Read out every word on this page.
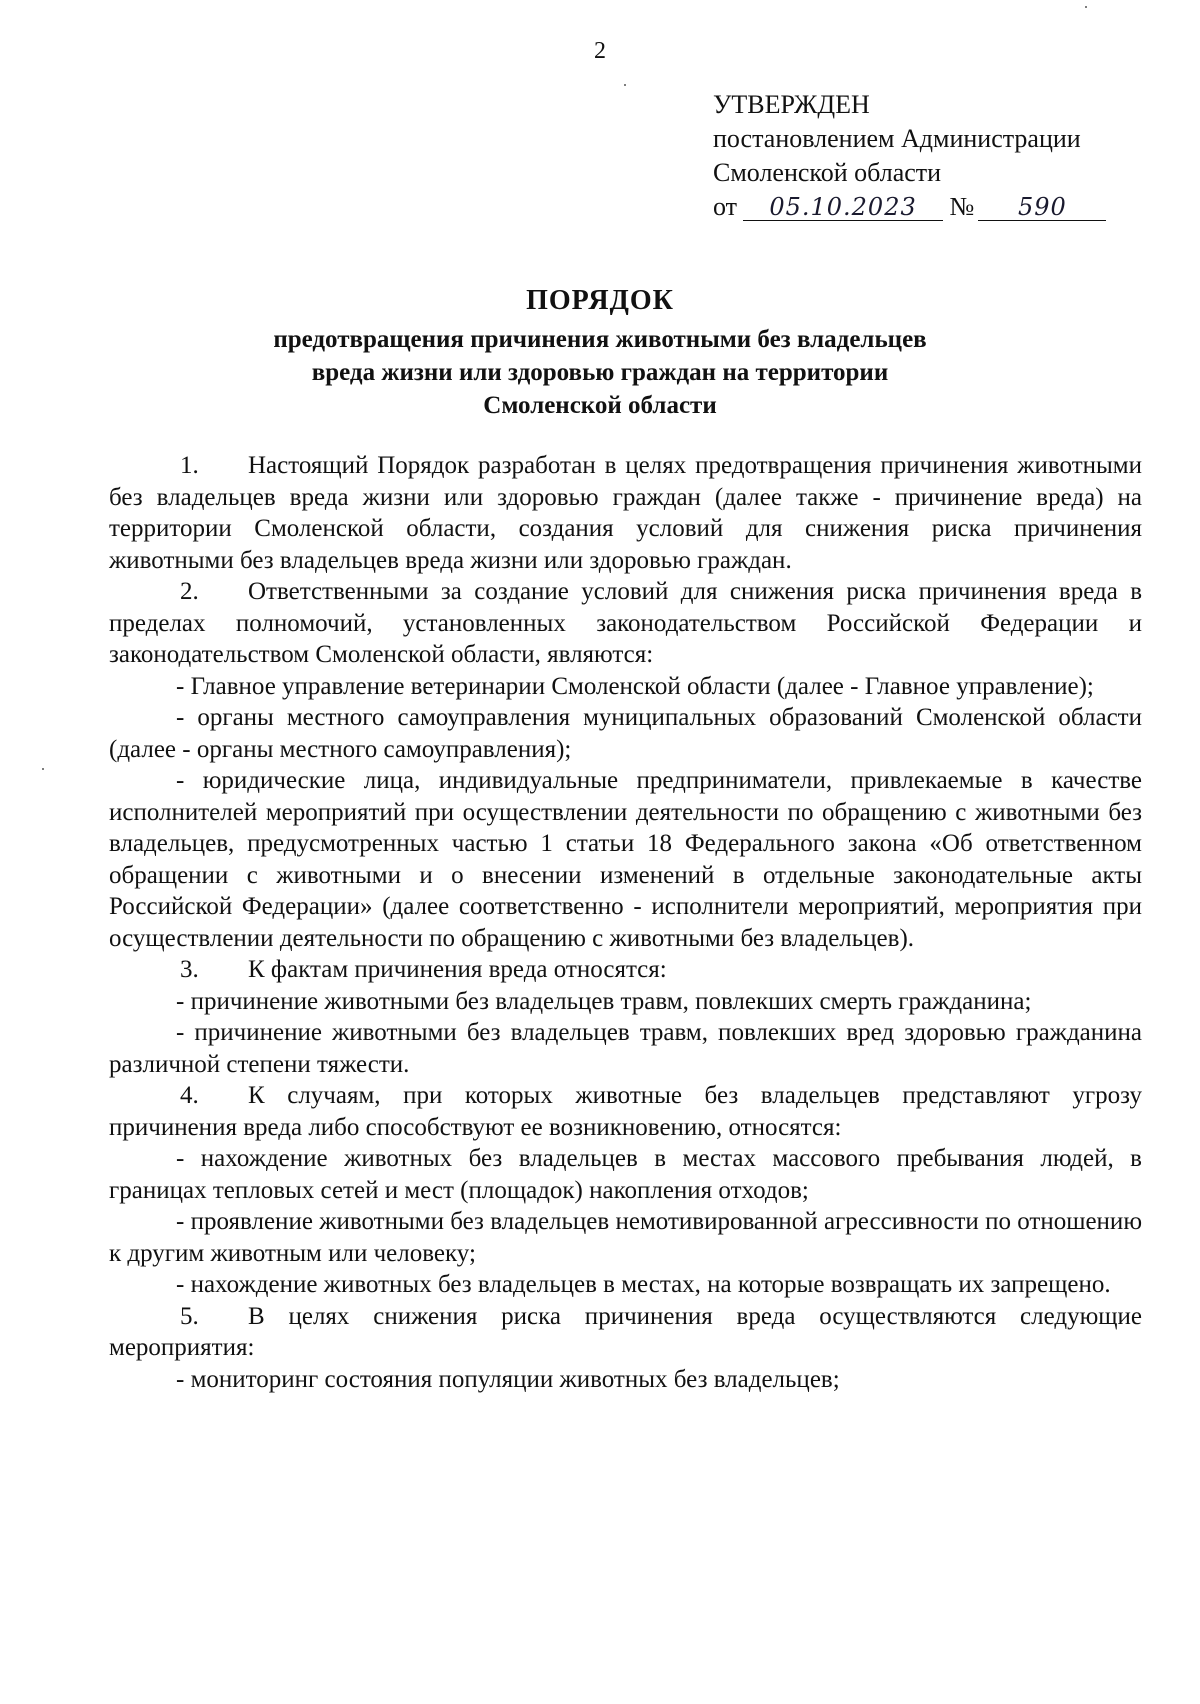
2
УТВЕРЖДЕН
постановлением Администрации
Смоленской области
от 05.10.2023 № 590
ПОРЯДОК
предотвращения причинения животными без владельцев вреда жизни или здоровью граждан на территории Смоленской области

1. Настоящий Порядок разработан в целях предотвращения причинения животными без владельцев вреда жизни или здоровью граждан (далее также - причинение вреда) на территории Смоленской области, создания условий для снижения риска причинения животными без владельцев вреда жизни или здоровью граждан.

2. Ответственными за создание условий для снижения риска причинения вреда в пределах полномочий, установленных законодательством Российской Федерации и законодательством Смоленской области, являются:

- Главное управление ветеринарии Смоленской области (далее - Главное управление);

- органы местного самоуправления муниципальных образований Смоленской области (далее - органы местного самоуправления);

- юридические лица, индивидуальные предприниматели, привлекаемые в качестве исполнителей мероприятий при осуществлении деятельности по обращению с животными без владельцев, предусмотренных частью 1 статьи 18 Федерального закона «Об ответственном обращении с животными и о внесении изменений в отдельные законодательные акты Российской Федерации» (далее соответственно - исполнители мероприятий, мероприятия при осуществлении деятельности по обращению с животными без владельцев).

3. К фактам причинения вреда относятся:

- причинение животными без владельцев травм, повлекших смерть гражданина;

- причинение животными без владельцев травм, повлекших вред здоровью гражданина различной степени тяжести.

4. К случаям, при которых животные без владельцев представляют угрозу причинения вреда либо способствуют ее возникновению, относятся:

- нахождение животных без владельцев в местах массового пребывания людей, в границах тепловых сетей и мест (площадок) накопления отходов;

- проявление животными без владельцев немотивированной агрессивности по отношению к другим животным или человеку;

- нахождение животных без владельцев в местах, на которые возвращать их запрещено.

5. В целях снижения риска причинения вреда осуществляются следующие мероприятия:

- мониторинг состояния популяции животных без владельцев;
